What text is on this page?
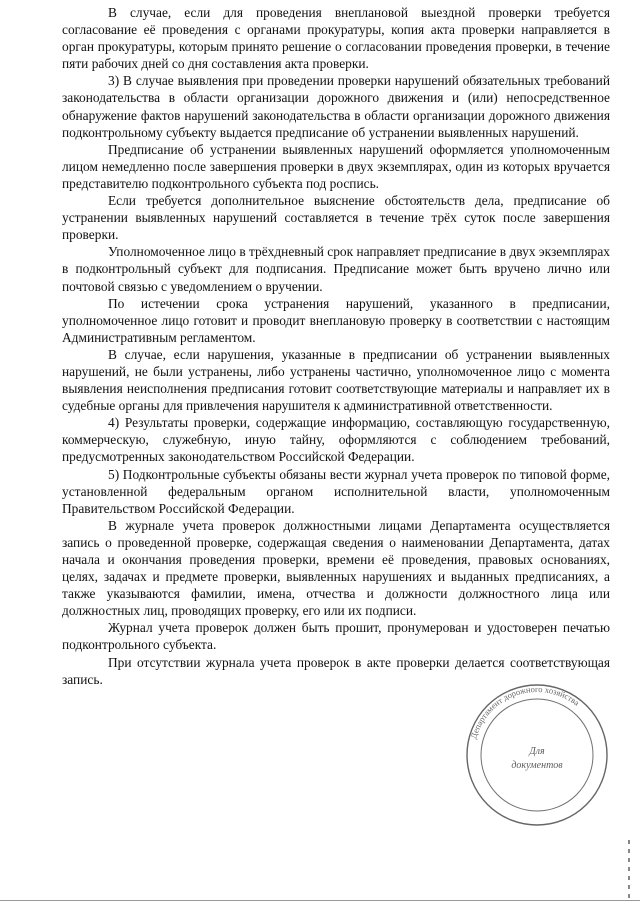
В случае, если для проведения внеплановой выездной проверки требуется согласование её проведения с органами прокуратуры, копия акта проверки направляется в орган прокуратуры, которым принято решение о согласовании проведения проверки, в течение пяти рабочих дней со дня составления акта проверки.

3) В случае выявления при проведении проверки нарушений обязательных требований законодательства в области организации дорожного движения и (или) непосредственное обнаружение фактов нарушений законодательства в области организации дорожного движения подконтрольному субъекту выдается предписание об устранении выявленных нарушений.

Предписание об устранении выявленных нарушений оформляется уполномоченным лицом немедленно после завершения проверки в двух экземплярах, один из которых вручается представителю подконтрольного субъекта под роспись.

Если требуется дополнительное выяснение обстоятельств дела, предписание об устранении выявленных нарушений составляется в течение трёх суток после завершения проверки.

Уполномоченное лицо в трёхдневный срок направляет предписание в двух экземплярах в подконтрольный субъект для подписания. Предписание может быть вручено лично или почтовой связью с уведомлением о вручении.

По истечении срока устранения нарушений, указанного в предписании, уполномоченное лицо готовит и проводит внеплановую проверку в соответствии с настоящим Административным регламентом.

В случае, если нарушения, указанные в предписании об устранении выявленных нарушений, не были устранены, либо устранены частично, уполномоченное лицо с момента выявления неисполнения предписания готовит соответствующие материалы и направляет их в судебные органы для привлечения нарушителя к административной ответственности.

4) Результаты проверки, содержащие информацию, составляющую государственную, коммерческую, служебную, иную тайну, оформляются с соблюдением требований, предусмотренных законодательством Российской Федерации.

5) Подконтрольные субъекты обязаны вести журнал учета проверок по типовой форме, установленной федеральным органом исполнительной власти, уполномоченным Правительством Российской Федерации.

В журнале учета проверок должностными лицами Департамента осуществляется запись о проведенной проверке, содержащая сведения о наименовании Департамента, датах начала и окончания проведения проверки, времени её проведения, правовых основаниях, целях, задачах и предмете проверки, выявленных нарушениях и выданных предписаниях, а также указываются фамилии, имена, отчества и должности должностного лица или должностных лиц, проводящих проверку, его или их подписи.

Журнал учета проверок должен быть прошит, пронумерован и удостоверен печатью подконтрольного субъекта.

При отсутствии журнала учета проверок в акте проверки делается соответствующая запись.

Департамент дорожного хозяйства
Для
документов
